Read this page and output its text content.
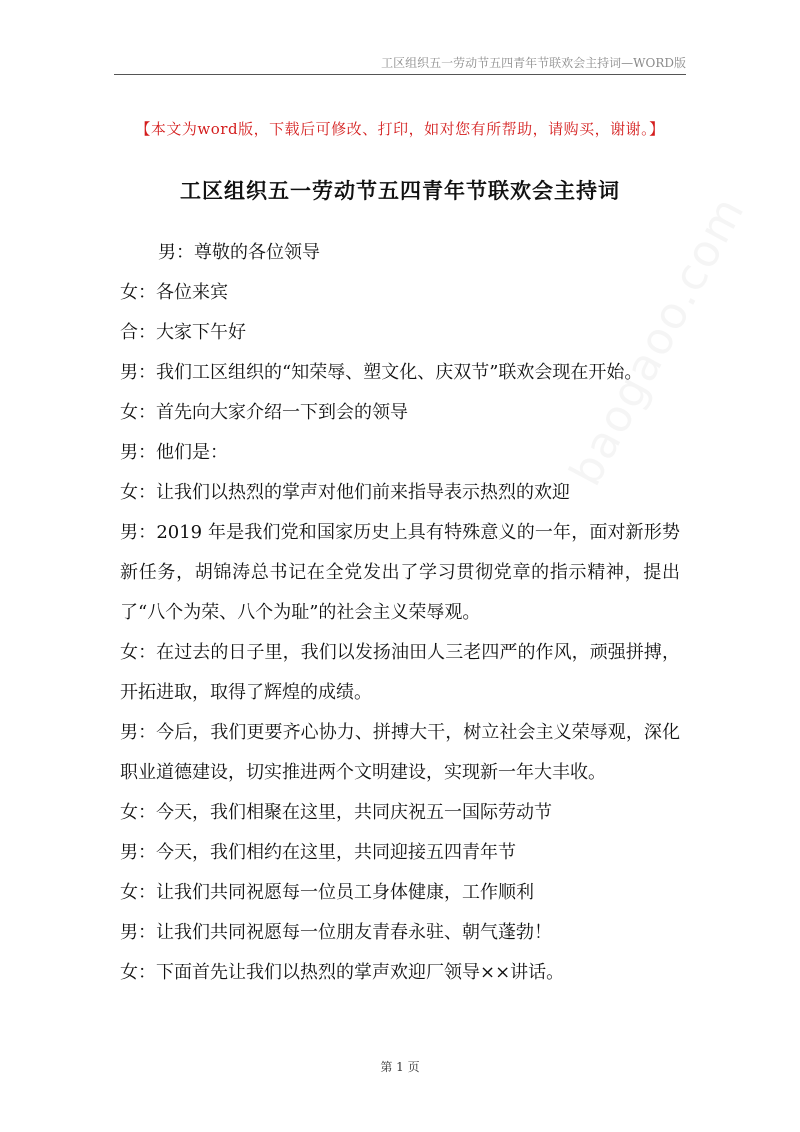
工区组织五一劳动节五四青年节联欢会主持词—WORD版
【本文为word版，下载后可修改、打印，如对您有所帮助，请购买，谢谢。】
工区组织五一劳动节五四青年节联欢会主持词

男：尊敬的各位领导

女：各位来宾

合：大家下午好

男：我们工区组织的“知荣辱、塑文化、庆双节”联欢会现在开始。

女：首先向大家介绍一下到会的领导

男：他们是：

女：让我们以热烈的掌声对他们前来指导表示热烈的欢迎

男：2019 年是我们党和国家历史上具有特殊意义的一年，面对新形势新任务，胡锦涛总书记在全党发出了学习贯彻党章的指示精神，提出了“八个为荣、八个为耻”的社会主义荣辱观。

女：在过去的日子里，我们以发扬油田人三老四严的作风，顽强拼搏，开拓进取，取得了辉煌的成绩。

男：今后，我们更要齐心协力、拼搏大干，树立社会主义荣辱观，深化职业道德建设，切实推进两个文明建设，实现新一年大丰收。

女：今天，我们相聚在这里，共同庆祝五一国际劳动节

男：今天，我们相约在这里，共同迎接五四青年节

女：让我们共同祝愿每一位员工身体健康，工作顺利

男：让我们共同祝愿每一位朋友青春永驻、朝气蓬勃！

女：下面首先让我们以热烈的掌声欢迎厂领导××讲话。

baogaoo.com
第 1 页
